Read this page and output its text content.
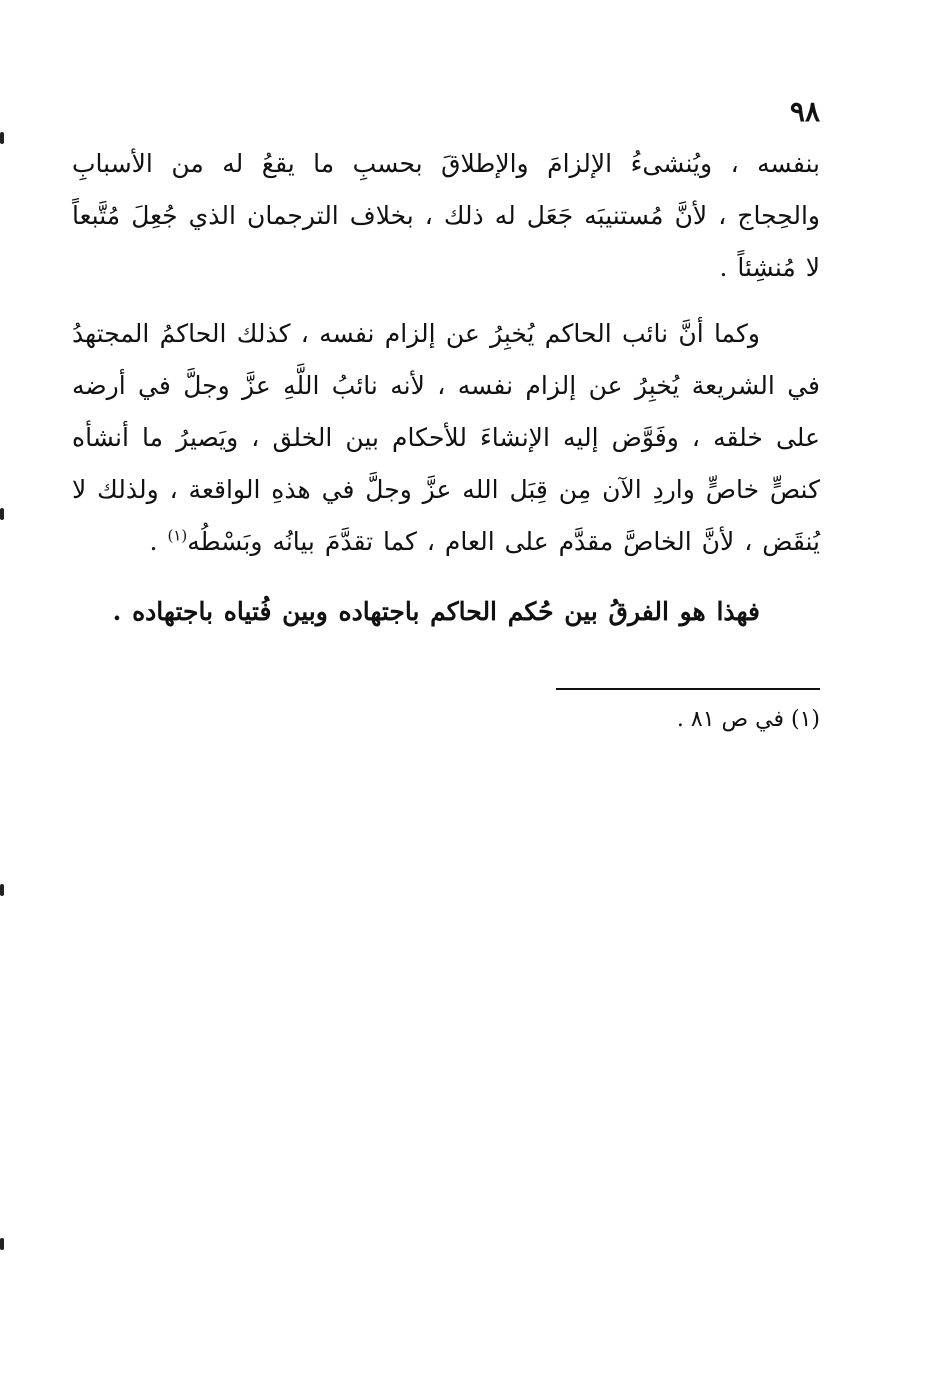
٩٨

بنفسه ، ويُنشىءُ الإلزامَ والإطلاقَ بحسبِ ما يقعُ له من الأسبابِ والحِجاج ، لأنَّ مُستنيبَه جَعَل له ذلك ، بخلاف الترجمان الذي جُعِلَ مُتَّبعاً لا مُنشِئاً .

وكما أنَّ نائب الحاكم يُخبِرُ عن إلزام نفسه ، كذلك الحاكمُ المجتهدُ في الشريعة يُخبِرُ عن إلزام نفسه ، لأنه نائبُ اللَّهِ عزَّ وجلَّ في أرضه على خلقه ، وفَوَّض إليه الإنشاءَ للأحكام بين الخلق ، ويَصيرُ ما أنشأه كنصٍّ خاصٍّ واردِ الآن مِن قِبَل الله عزَّ وجلَّ في هذهِ الواقعة ، ولذلك لا يُنقَض ، لأنَّ الخاصَّ مقدَّم على العام ، كما تقدَّمَ بيانُه وبَسْطُه$^{(١)}$ .

فهذا هو الفرقُ بين حُكم الحاكم باجتهاده وبين فُتياه باجتهاده .

(١) في ص ٨١ .
